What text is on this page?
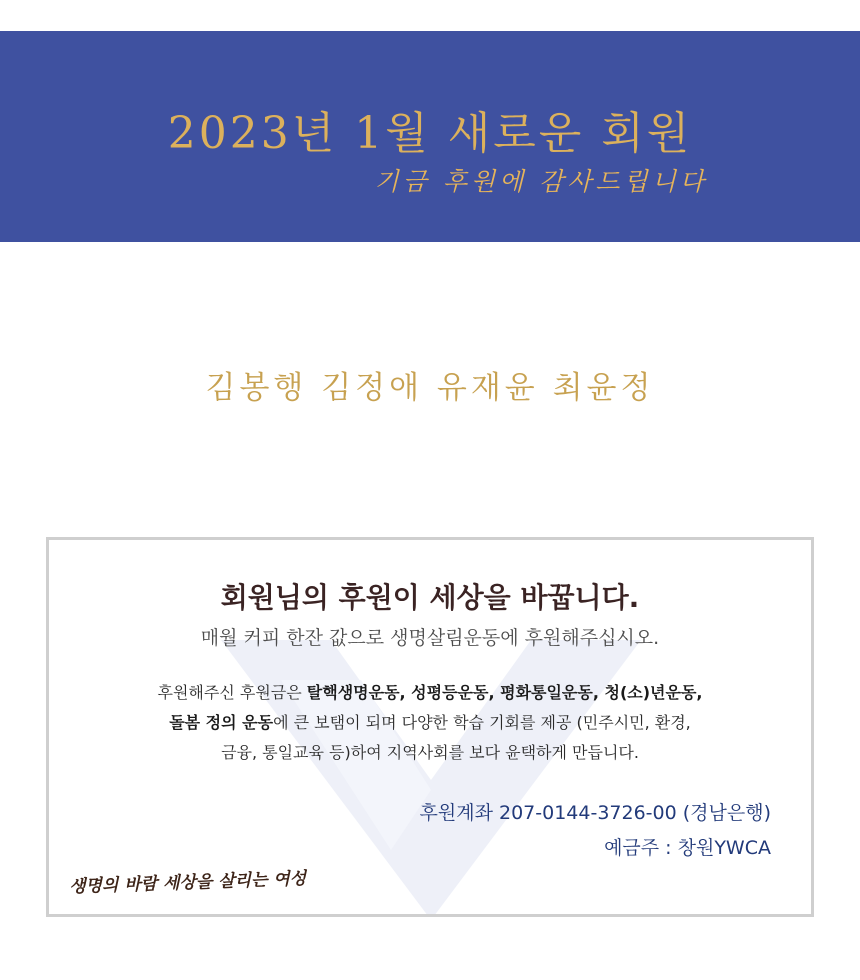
2023년 1월 새로운 회원
기금 후원에 감사드립니다
김봉행 김정애 유재윤 최윤정
회원님의 후원이 세상을 바꿉니다.
매월 커피 한잔 값으로 생명살림운동에 후원해주십시오.
후원해주신 후원금은 탈핵생명운동, 성평등운동, 평화통일운동, 청(소)년운동,
돌봄 정의 운동에 큰 보탬이 되며 다양한 학습 기회를 제공 (민주시민, 환경,
금융, 통일교육 등)하여 지역사회를 보다 윤택하게 만듭니다.
후원계좌 207-0144-3726-00 (경남은행)
예금주 : 창원YWCA
생명의 바람 세상을 살리는 여성
